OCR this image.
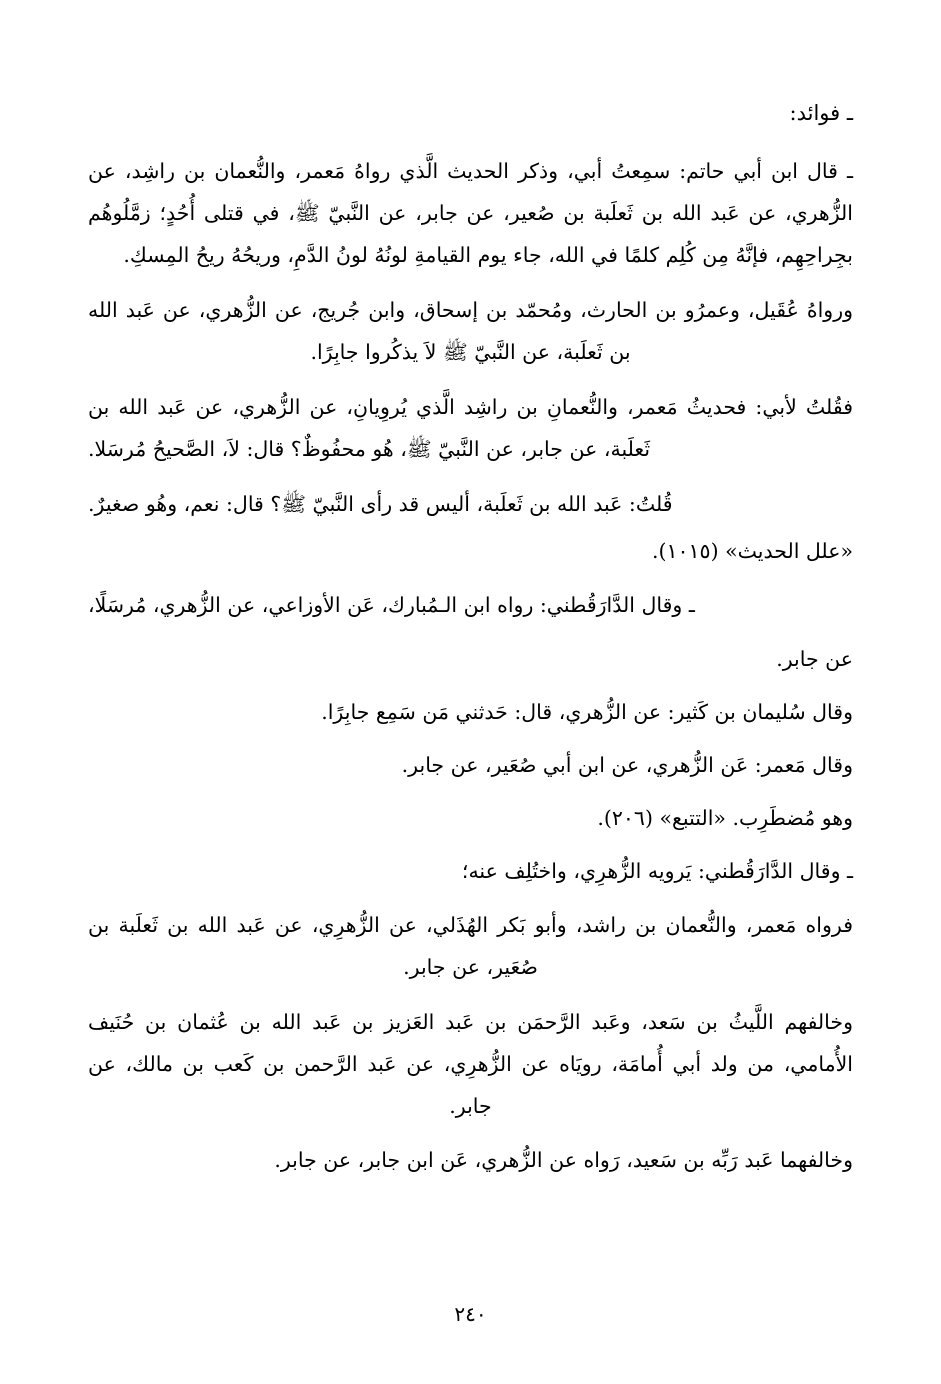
ـ فوائد:

ـ قال ابن أبي حاتم: سمِعتُ أبي، وذكر الحديث الَّذي رواهُ مَعمر، والنُّعمان بن راشِد، عن الزُّهري، عن عَبد الله بن ثَعلَبة بن صُعير، عن جابر، عن النَّبيّ ﷺ، في قتلى أُحُدٍ؛ زمَّلُوهُم بجِراحِهِم، فإنَّهُ مِن كُلِم كلمًا في الله، جاء يوم القيامةِ لونُهُ لونُ الدَّمِ، وريحُهُ ريحُ المِسكِ.

ورواهُ عُقَيل، وعمرُو بن الحارث، ومُحمّد بن إسحاق، وابن جُريج، عن الزُّهري، عن عَبد الله بن ثَعلَبة، عن النَّبيّ ﷺ لاَ يذكُروا جابِرًا.

فقُلتُ لأبي: فحديثُ مَعمر، والنُّعمانِ بن راشِد الَّذي يُروِيانِ، عن الزُّهري، عن عَبد الله بن ثَعلَبة، عن جابر، عن النَّبيّ ﷺ، هُو محفُوظٌ؟ قال: لاَ، الصَّحيحُ مُرسَلا.

قُلتُ: عَبد الله بن ثَعلَبة، أليس قد رأى النَّبيّ ﷺ؟ قال: نعم، وهُو صغيرٌ.

«علل الحديث» (١٠١٥).

ـ وقال الدَّارَقُطني: رواه ابن الـمُبارك، عَن الأوزاعي، عن الزُّهري، مُرسَلًا،

عن جابر.

وقال سُليمان بن كَثير: عن الزُّهري، قال: حَدثني مَن سَمِع جابِرًا.

وقال مَعمر: عَن الزُّهري، عن ابن أبي صُعَير، عن جابر.

وهو مُضطَرِب. «التتبع» (٢٠٦).

ـ وقال الدَّارَقُطني: يَرويه الزُّهرِي، واختُلِف عنه؛

فرواه مَعمر، والنُّعمان بن راشد، وأبو بَكر الهُذَلي، عن الزُّهرِي، عن عَبد الله بن ثَعلَبة بن صُعَير، عن جابر.

وخالفهم اللَّيثُ بن سَعد، وعَبد الرَّحمَن بن عَبد العَزيز بن عَبد الله بن عُثمان بن حُنَيف الأُمامي، من ولد أبي أُمامَة، رويَاه عن الزُّهرِي، عن عَبد الرَّحمن بن كَعب بن مالك، عن جابر.

وخالفهما عَبد رَبِّه بن سَعيد، رَواه عن الزُّهري، عَن ابن جابر، عن جابر.

٢٤٠
